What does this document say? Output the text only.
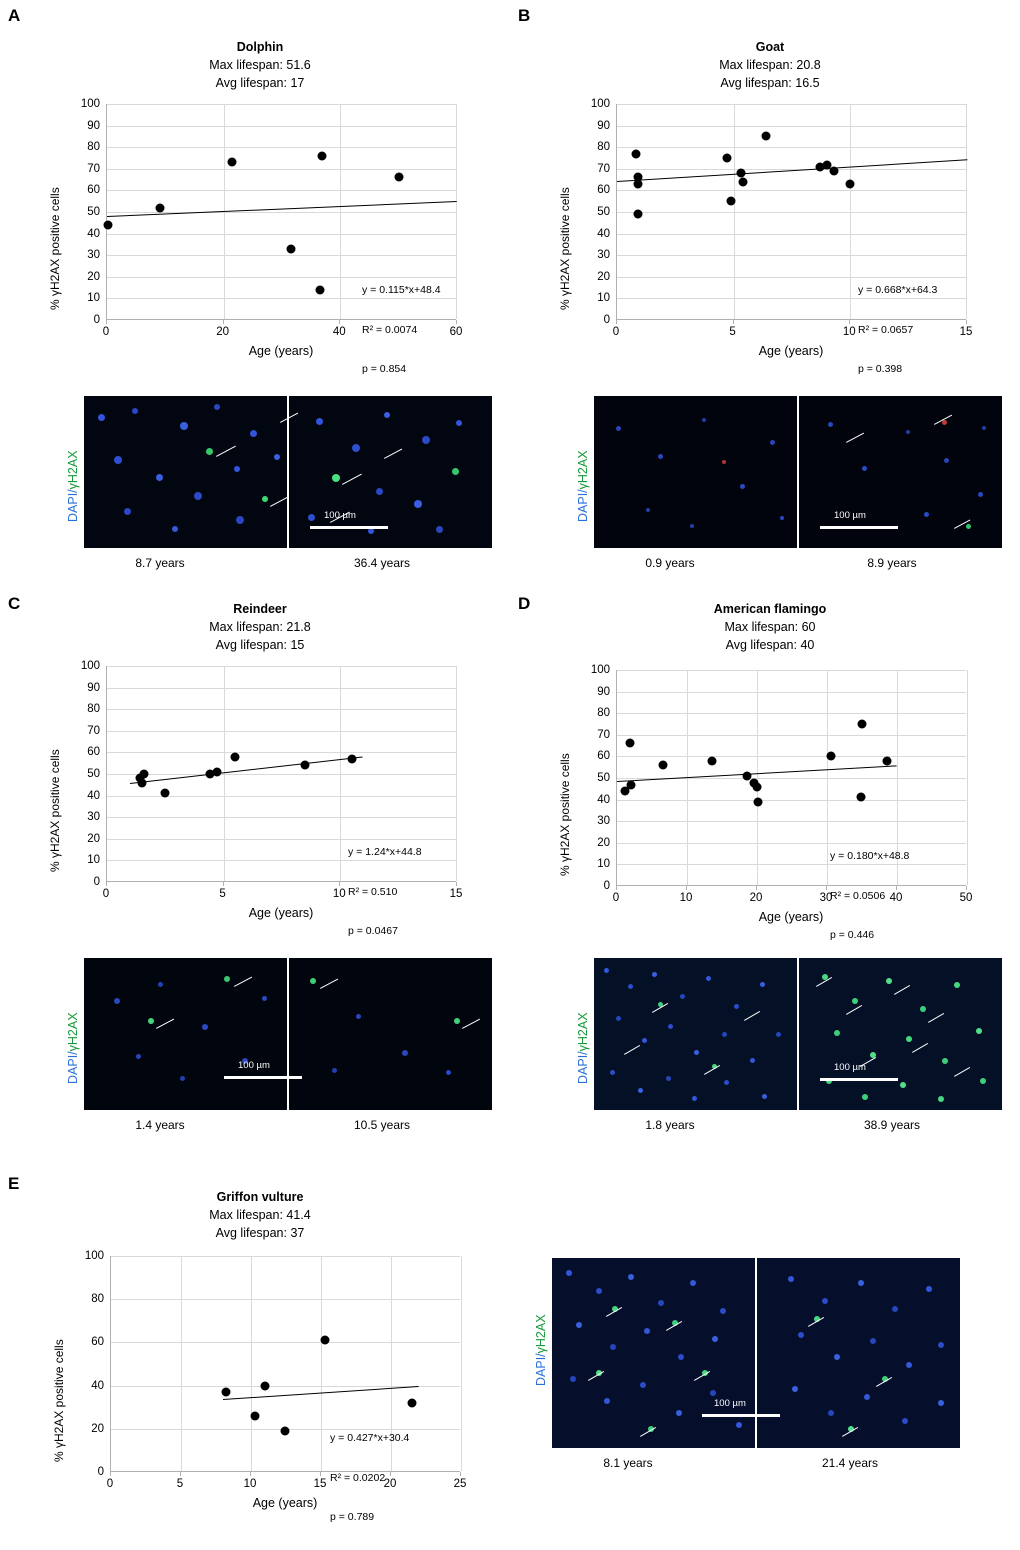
A
Dolphin
Max lifespan: 51.6
Avg lifespan: 17
100
90
80
70
60
50
40
30
20
10
0
0	20	40	60
% γH2AX positive cells
Age (years)

y = 0.115*x+48.4

R² = 0.0074

p = 0.854

100 µm
DAPI/γH2AX
8.7 years	36.4 years
B
Goat
Max lifespan: 20.8
Avg lifespan: 16.5
100
90
80
70
60
50
40
30
20
10
0
0	5	10	15
% γH2AX positive cells
Age (years)

y = 0.668*x+64.3

R² = 0.0657

p = 0.398

100 µm
DAPI/γH2AX
0.9 years	8.9 years
C	Reindeer
Max lifespan: 21.8
Avg lifespan: 15
100
90
80
70
60
50
40
30
20
10
0
0	5	10	15
% γH2AX positive cells
Age (years)

y = 1.24*x+44.8

R² = 0.510

p = 0.0467

100 µm
DAPI/γH2AX
1.4 years	10.5 years
D	American flamingo
Max lifespan: 60
Avg lifespan: 40
100
90
80
70
60
50
40
30
20
10
0
0	10	20	30	40	50
% γH2AX positive cells
Age (years)

y = 0.180*x+48.8

R² = 0.0506

p = 0.446

100 µm
DAPI/γH2AX
1.8 years	38.9 years
E
Griffon vulture
Max lifespan: 41.4
Avg lifespan: 37
100
80
60
40
20
0
0	5	10	15	20	25
% γH2AX positive cells
Age (years)

y = 0.427*x+30.4

R² = 0.0202

p = 0.789

100 µm
DAPI/γH2AX
8.1 years	21.4 years
